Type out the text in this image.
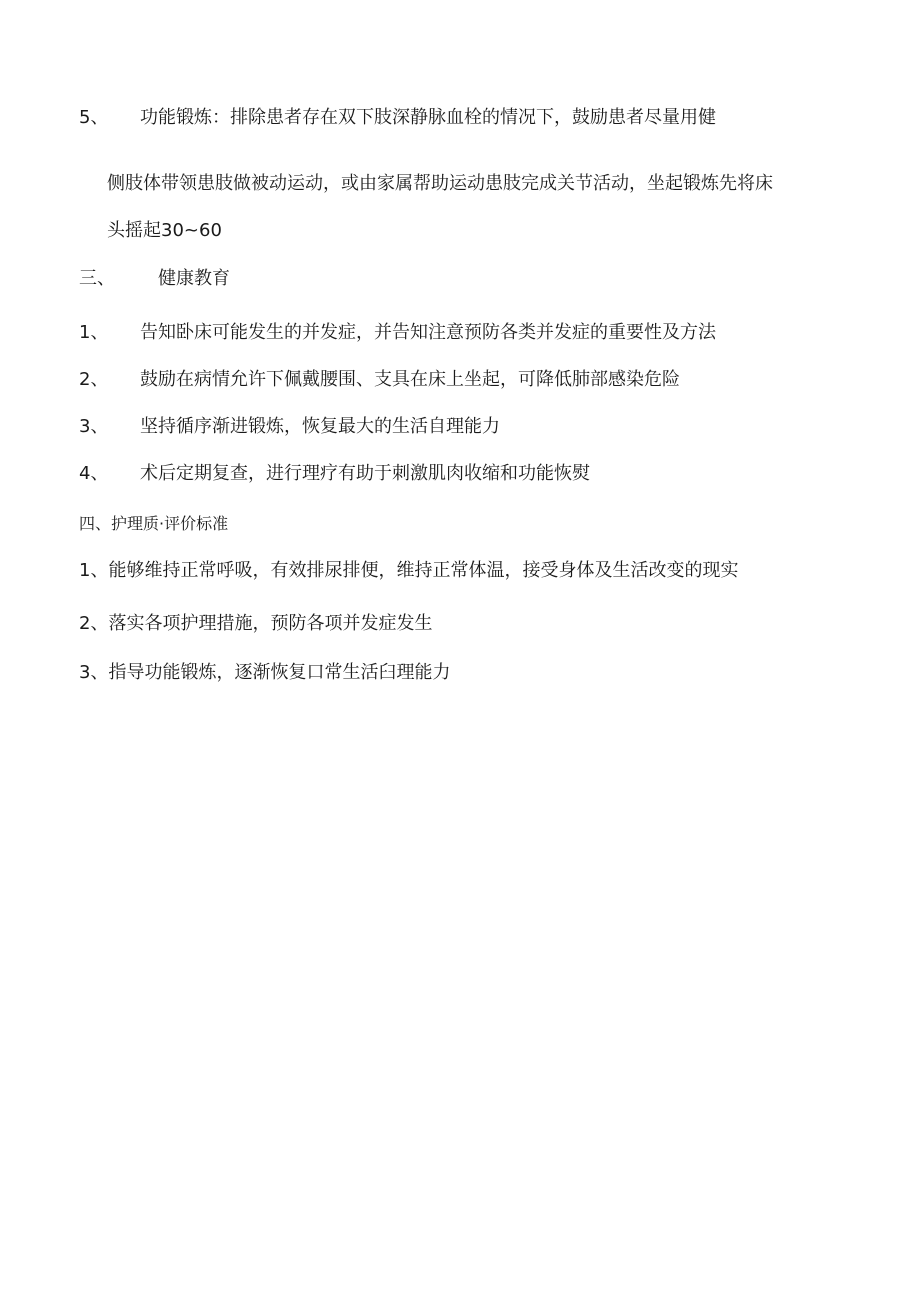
5、 功能锻炼：排除患者存在双下肢深静脉血栓的情况下，鼓励患者尽量用健
侧肢体带领患肢做被动运动，或由家属帮助运动患肢完成关节活动，坐起锻炼先将床
头摇起30~60
三、 健康教育
1、 告知卧床可能发生的并发症，并告知注意预防各类并发症的重要性及方法
2、 鼓励在病情允许下佩戴腰围、支具在床上坐起，可降低肺部感染危险
3、 坚持循序渐进锻炼，恢复最大的生活自理能力
4、 术后定期复查，进行理疗有助于刺激肌肉收缩和功能恢熨
四、护理质·评价标准
1、能够维持正常呼吸，有效排尿排便，维持正常体温，接受身体及生活改变的现实
2、落实各项护理措施，预防各项并发症发生
3、指导功能锻炼，逐渐恢复口常生活臼理能力
